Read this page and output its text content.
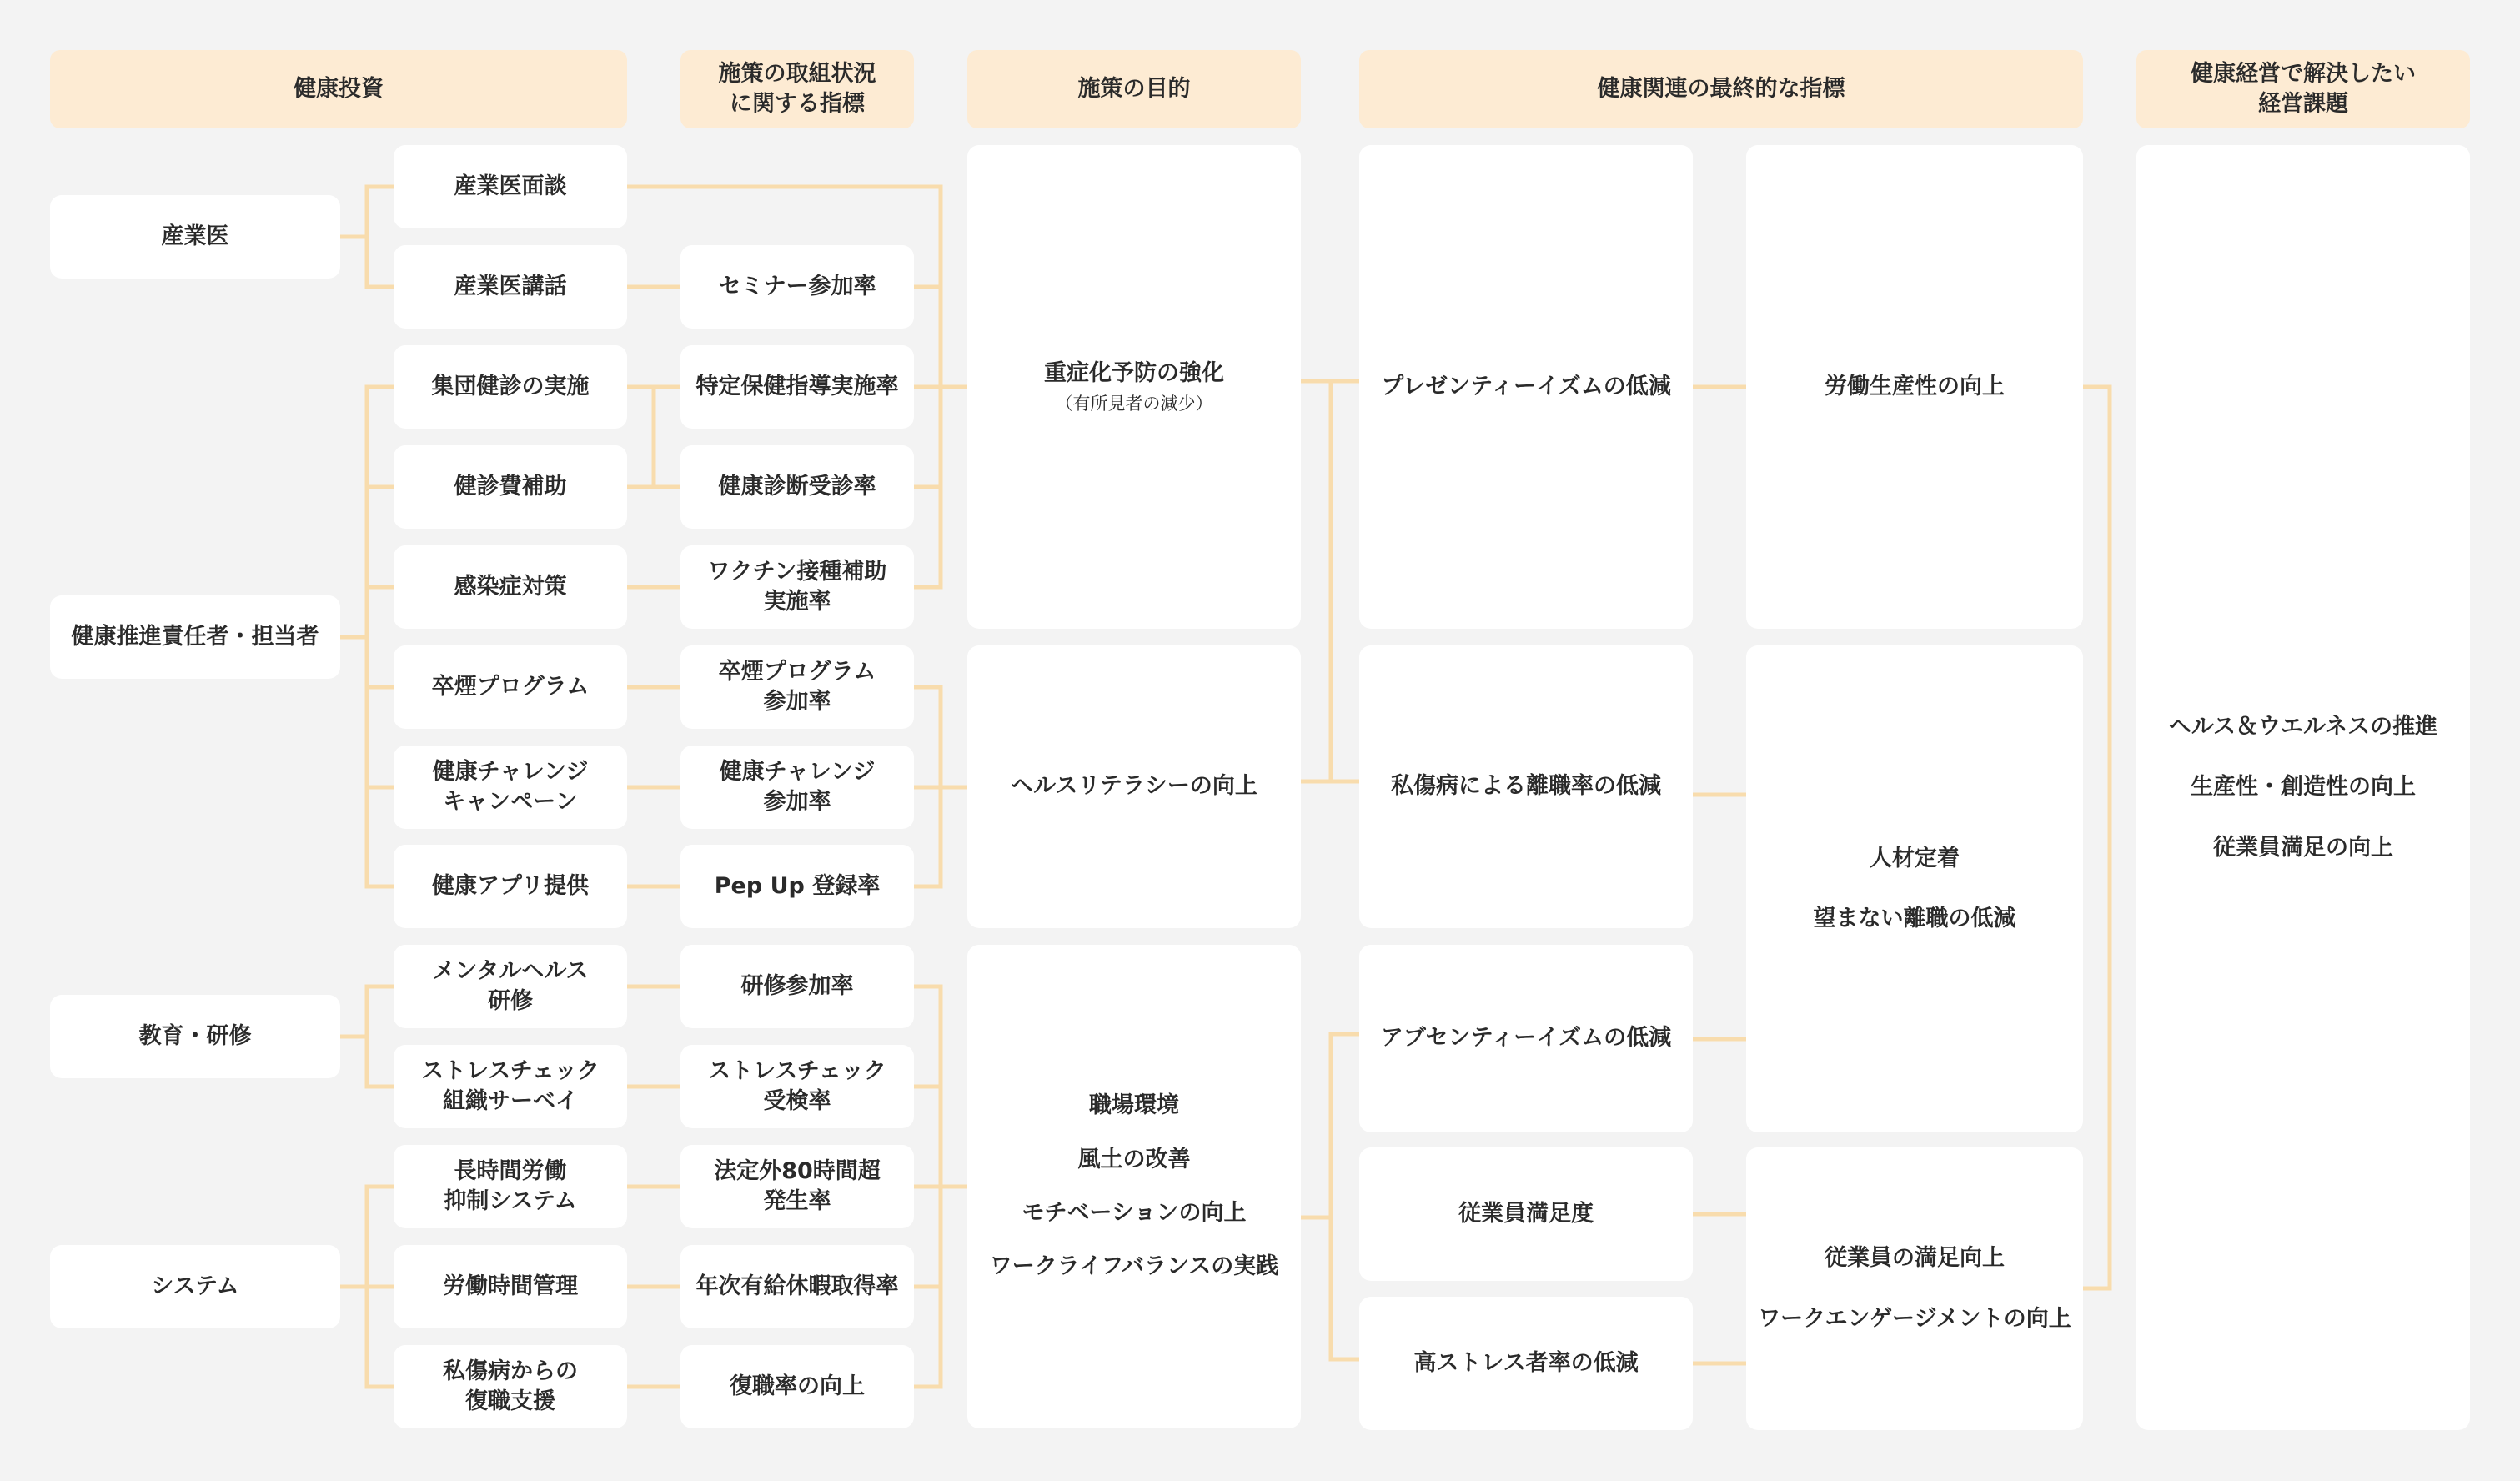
健康投資
施策の取組状況
に関する指標
施策の目的	健康関連の最終的な指標
健康経営で解決したい
経営課題
産業医
健康推進責任者・担当者
教育・研修
システム
産業医面談
産業医講話
集団健診の実施
健診費補助
感染症対策
卒煙プログラム
健康チャレンジ
キャンペーン
健康アプリ提供
メンタルヘルス
研修
ストレスチェック
組織サーベイ
長時間労働
抑制システム
労働時間管理
私傷病からの
復職支援
セミナー参加率
特定保健指導実施率
健康診断受診率
ワクチン接種補助
実施率
卒煙プログラム
参加率
健康チャレンジ
参加率
Pep Up 登録率
研修参加率
ストレスチェック
受検率
法定外80時間超
発生率
年次有給休暇取得率
復職率の向上
重症化予防の強化
（有所見者の減少）
ヘルスリテラシーの向上
職場環境
風土の改善
モチベーションの向上
ワークライフバランスの実践
プレゼンティーイズムの低減
私傷病による離職率の低減
アブセンティーイズムの低減
従業員満足度
高ストレス者率の低減
労働生産性の向上
人材定着
望まない離職の低減
従業員の満足向上
ワークエンゲージメントの向上
ヘルス＆ウエルネスの推進
生産性・創造性の向上
従業員満足の向上
